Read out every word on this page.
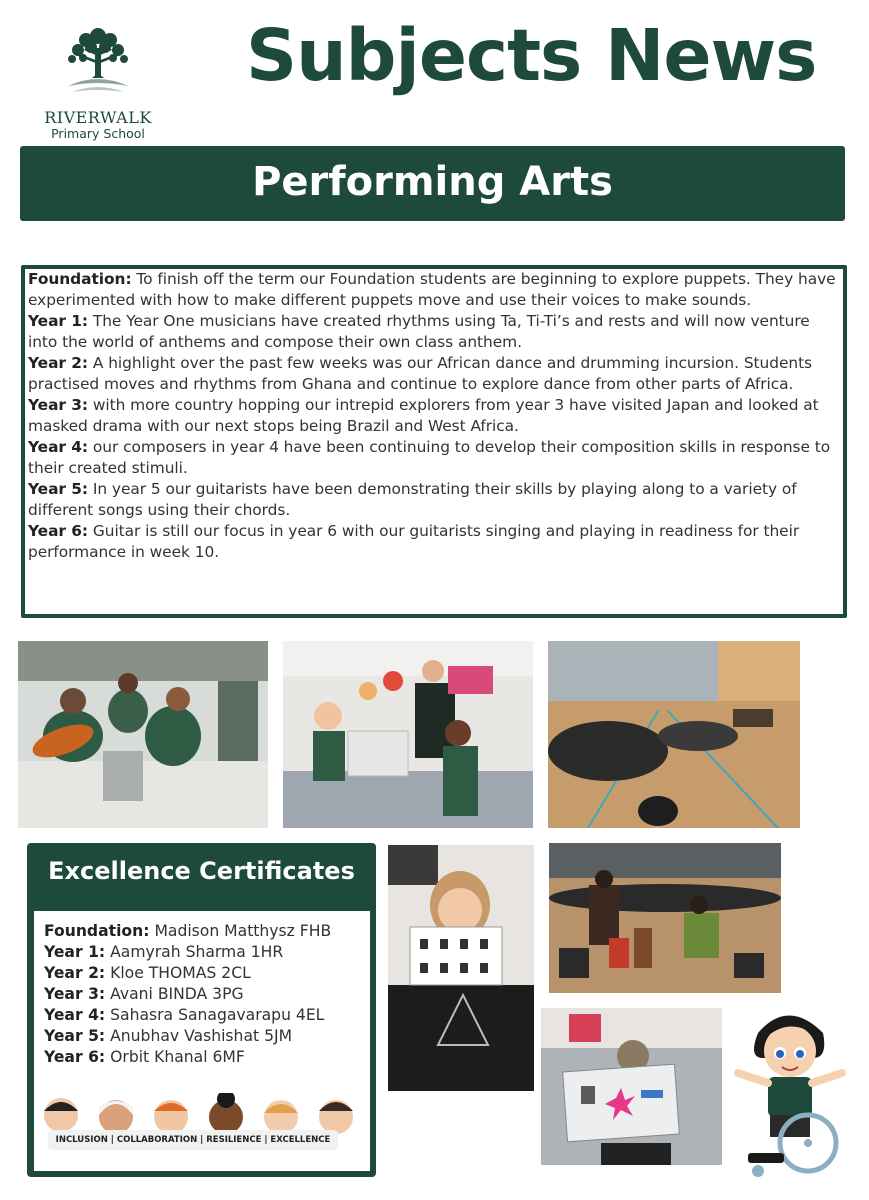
RIVERWALK
Primary School
Subjects News
Performing Arts

Foundation: To finish off the term our Foundation students are beginning to explore puppets. They have experimented with how to make different puppets move and use their voices to make sounds.

Year 1: The Year One musicians have created rhythms using Ta, Ti-Ti’s and rests and will now venture into the world of anthems and compose their own class anthem.

Year 2: A highlight over the past few weeks was our African dance and drumming incursion. Students practised moves and rhythms from Ghana and continue to explore dance from other parts of Africa.

Year 3: with more country hopping our intrepid explorers from year 3 have visited Japan and looked at masked drama with our next stops being Brazil and West Africa.

Year 4: our composers in year 4 have been continuing to develop their composition skills in response to their created stimuli.

Year 5: In year 5 our guitarists have been demonstrating their skills by playing along to a variety of different songs using their chords.

Year 6: Guitar is still our focus in year 6 with our guitarists singing and playing in readiness for their performance in week 10.

Excellence Certificates
Foundation: Madison Matthysz FHB
Year 1: Aamyrah Sharma 1HR
Year 2: Kloe THOMAS 2CL
Year 3: Avani BINDA 3PG
Year 4: Sahasra Sanagavarapu 4EL
Year 5: Anubhav Vashishat 5JM
Year 6: Orbit Khanal 6MF
INCLUSION | COLLABORATION | RESILIENCE | EXCELLENCE
